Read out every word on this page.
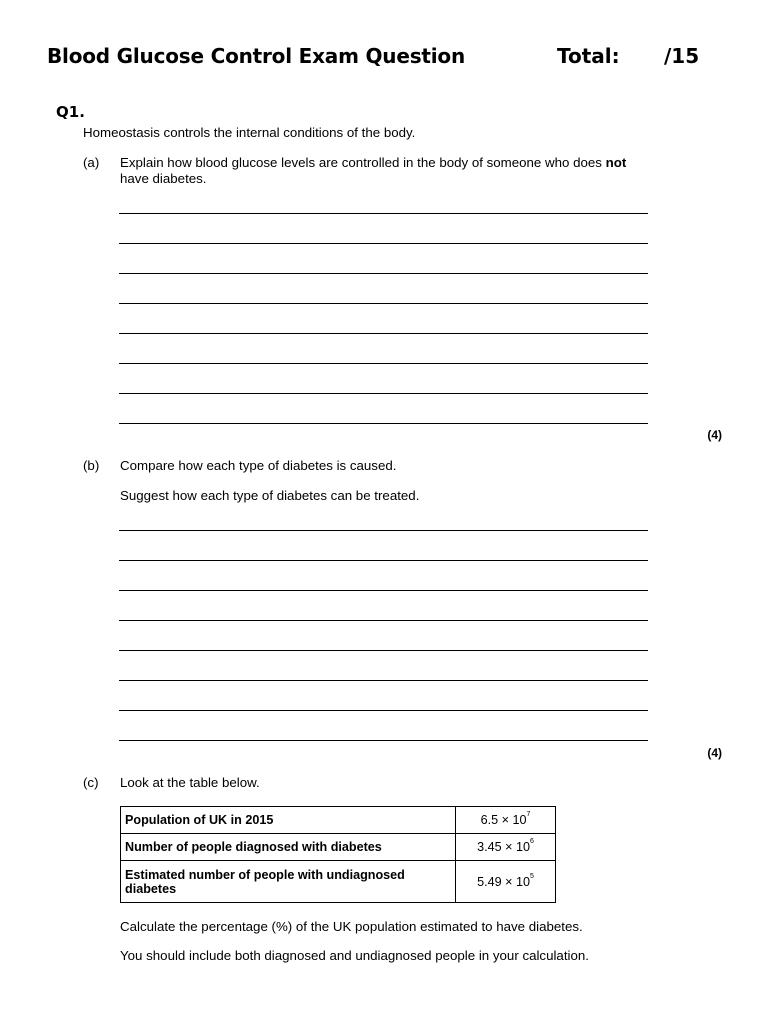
Blood Glucose Control Exam Question	Total: /15
Q1.
Homeostasis controls the internal conditions of the body.
(a) Explain how blood glucose levels are controlled in the body of someone who does not
have diabetes.
(4)
(b) Compare how each type of diabetes is caused.
Suggest how each type of diabetes can be treated.
(4)
(c) Look at the table below.
Population of UK in 2015	$6.5 \times 10^7$
Number of people diagnosed with diabetes	$3.45 \times 10^6$
Estimated number of people with undiagnosed diabetes	$5.49 \times 10^5$
Calculate the percentage (%) of the UK population estimated to have diabetes.
You should include both diagnosed and undiagnosed people in your calculation.
